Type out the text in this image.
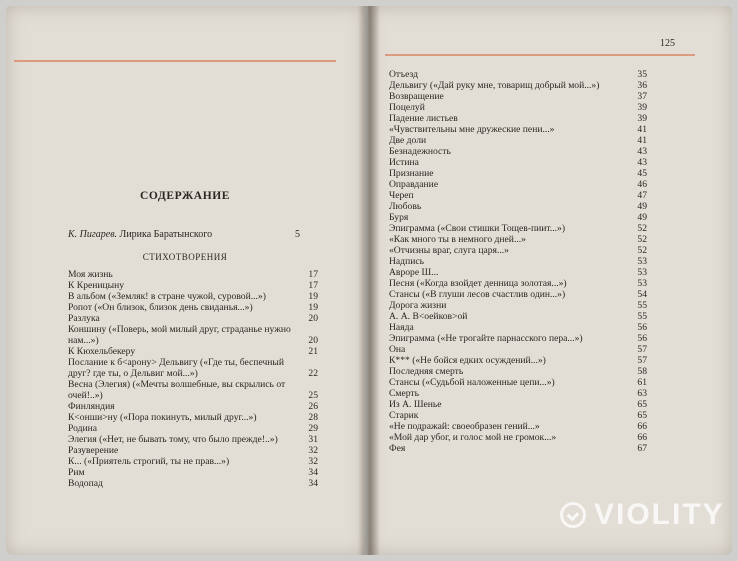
125
СОДЕРЖАНИЕ
К. Пигарев. Лирика Баратынского	5
СТИХОТВОРЕНИЯ
Моя жизнь	17
К Креницыну	17
В альбом («Земляк! в стране чужой, суровой...»)	19
Ропот («Он близок, близок день свиданья...»)	19
Разлука	20
Коншину («Поверь, мой милый друг, страданье нужно нам...»)	20
К Кюхельбекеру	21
Послание к б<арону> Дельвигу («Где ты, беспечный друг? где ты, о Дельвиг мой...»)	22
Весна (Элегия) («Мечты волшебные, вы скрылись от очей!..»)	25
Финляндия	26
К<онши>ну («Пора покинуть, милый друг...»)	28
Родина	29
Элегия («Нет, не бывать тому, что было прежде!..»)	31
Разуверение	32
К... («Приятель строгий, ты не прав...»)	32
Рим	34
Водопад	34
Отъезд	35
Дельвигу («Дай руку мне, товарищ добрый мой...»)	36
Возвращение	37
Поцелуй	39
Падение листьев	39
«Чувствительны мне дружеские пени...»	41
Две доли	41
Безнадежность	43
Истина	43
Признание	45
Оправдание	46
Череп	47
Любовь	49
Буря	49
Эпиграмма («Свои стишки Тощев-пиит...»)	52
«Как много ты в немного дней...»	52
«Отчизны враг, слуга царя...»	52
Надпись	53
Авроре Ш...	53
Песня («Когда взойдет денница золотая...»)	53
Стансы («В глуши лесов счастлив один...»)	54
Дорога жизни	55
А. А. В<оейков>ой	55
Наяда	56
Эпиграмма («Не трогайте парнасского пера...»)	56
Она	57
К*** («Не бойся едких осуждений...»)	57
Последняя смерть	58
Стансы («Судьбой наложенные цепи...»)	61
Смерть	63
Из А. Шенье	65
Старик	65
«Не подражай: своеобразен гений...»	66
«Мой дар убог, и голос мой не громок...»	66
Фея	67
VIOLITY
